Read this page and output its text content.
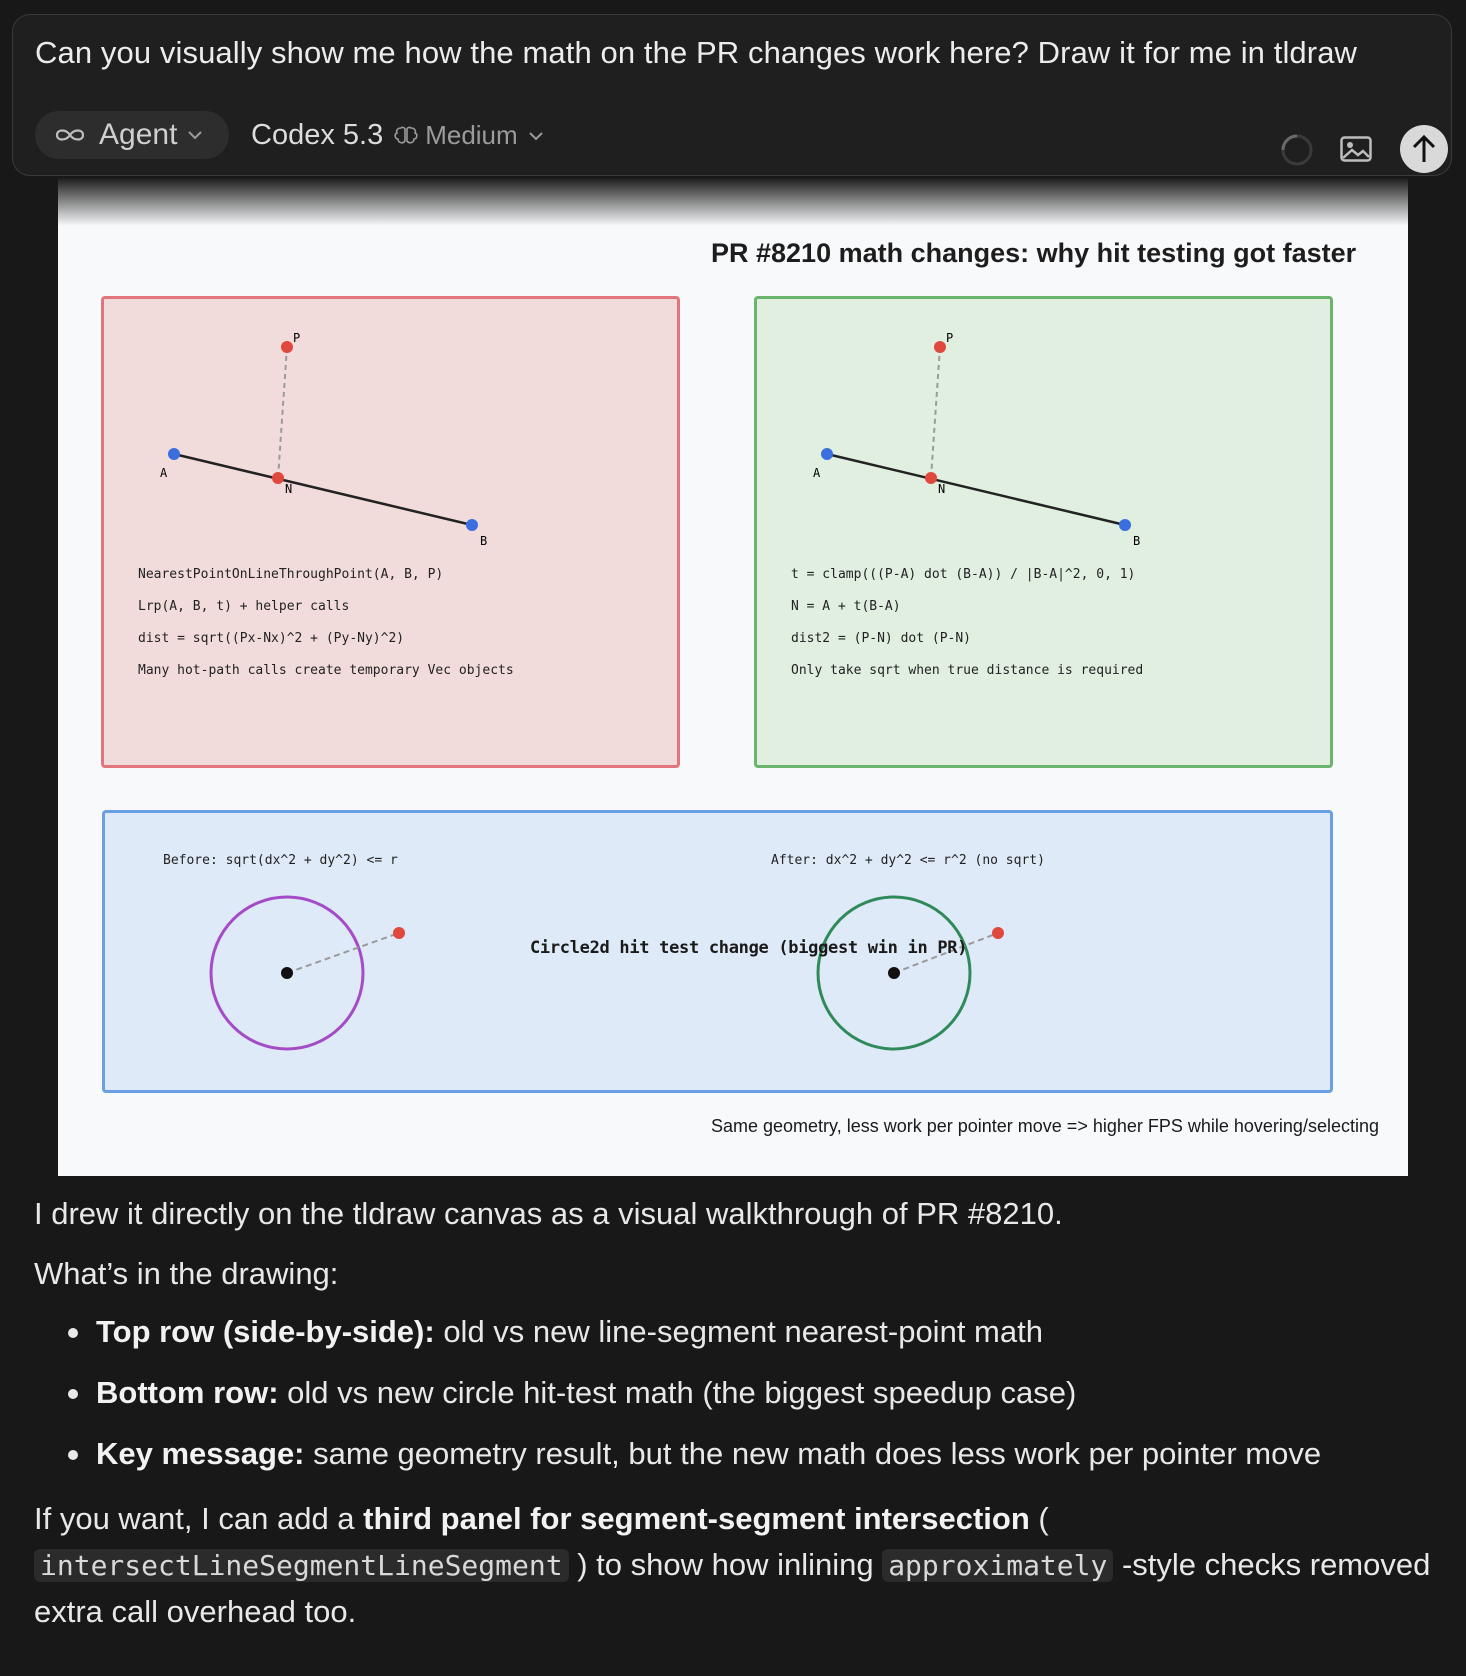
Can you visually show me how the math on the PR changes work here? Draw it for me in tldraw
Agent	Codex 5.3 Medium
PR #8210 math changes: why hit testing got faster
P
A
N
B
NearestPointOnLineThroughPoint(A, B, P)
Lrp(A, B, t) + helper calls
dist = sqrt((Px-Nx)^2 + (Py-Ny)^2)
Many hot-path calls create temporary Vec objects
P
A
N
B
t = clamp(((P-A) dot (B-A)) / |B-A|^2, 0, 1)
N = A + t(B-A)
dist2 = (P-N) dot (P-N)
Only take sqrt when true distance is required
Before: sqrt(dx^2 + dy^2) <= r	After: dx^2 + dy^2 <= r^2 (no sqrt)
Circle2d hit test change (biggest win in PR)
Same geometry, less work per pointer move => higher FPS while hovering/selecting

I drew it directly on the tldraw canvas as a visual walkthrough of PR #8210.

What’s in the drawing:

Top row (side-by-side): old vs new line-segment nearest-point math
Bottom row: old vs new circle hit-test math (the biggest speedup case)
Key message: same geometry result, but the new math does less work per pointer move

If you want, I can add a third panel for segment-segment intersection ( intersectLineSegmentLineSegment ) to show how inlining approximately -style checks removed extra call overhead too.
